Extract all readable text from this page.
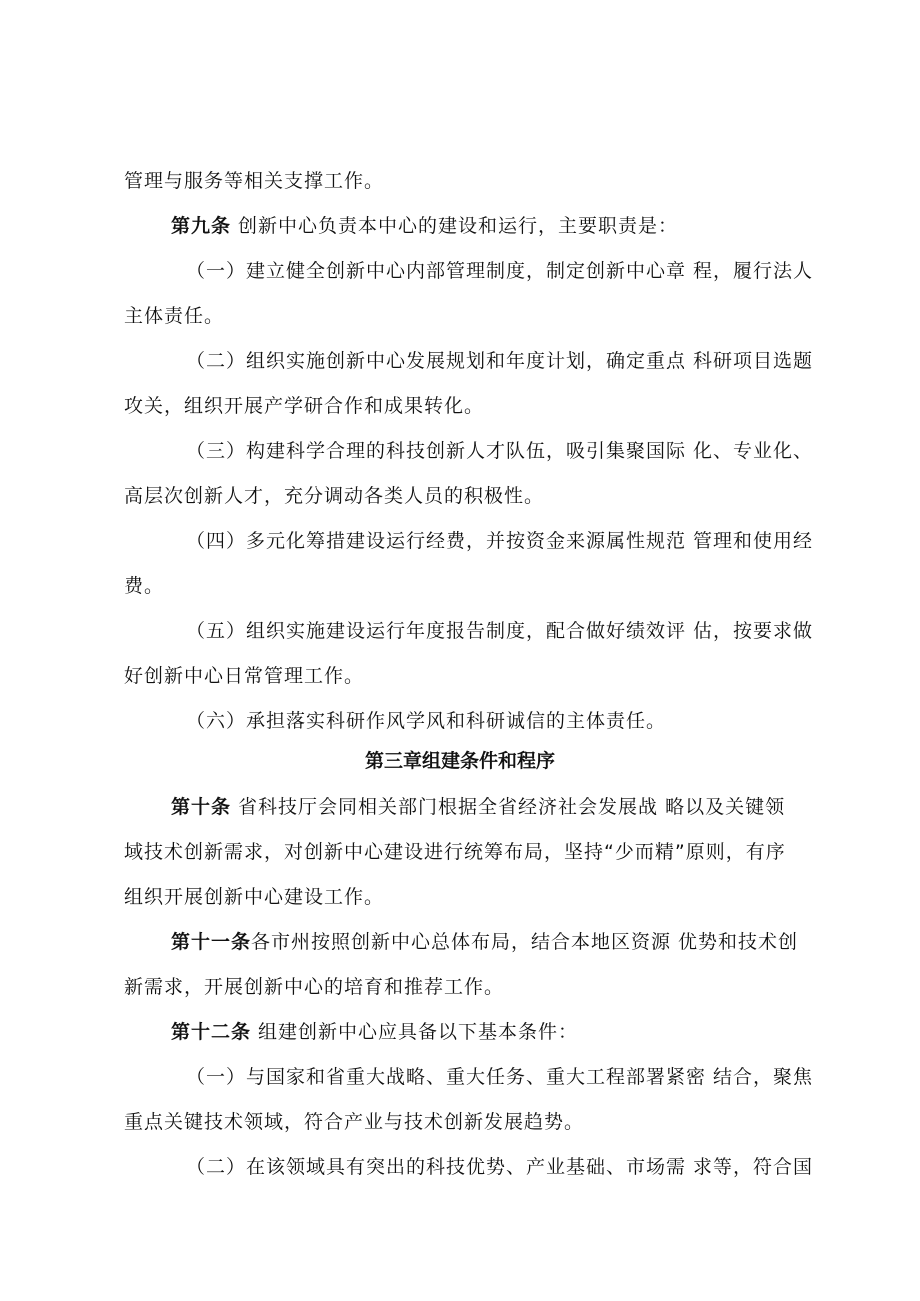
管理与服务等相关支撑工作。
第九条 创新中心负责本中心的建设和运行，主要职责是：
（一）建立健全创新中心内部管理制度，制定创新中心章 程，履行法人
主体责任。
（二）组织实施创新中心发展规划和年度计划，确定重点 科研项目选题
攻关，组织开展产学研合作和成果转化。
（三）构建科学合理的科技创新人才队伍，吸引集聚国际 化、专业化、
高层次创新人才，充分调动各类人员的积极性。
（四）多元化筹措建设运行经费，并按资金来源属性规范 管理和使用经
费。
（五）组织实施建设运行年度报告制度，配合做好绩效评 估，按要求做
好创新中心日常管理工作。
（六）承担落实科研作风学风和科研诚信的主体责任。
第三章组建条件和程序
第十条 省科技厅会同相关部门根据全省经济社会发展战 略以及关键领
域技术创新需求，对创新中心建设进行统筹布局，坚持“少而精”原则，有序
组织开展创新中心建设工作。
第十一条各市州按照创新中心总体布局，结合本地区资源 优势和技术创
新需求，开展创新中心的培育和推荐工作。
第十二条 组建创新中心应具备以下基本条件：
（一）与国家和省重大战略、重大任务、重大工程部署紧密 结合，聚焦
重点关键技术领域，符合产业与技术创新发展趋势。
（二）在该领域具有突出的科技优势、产业基础、市场需 求等，符合国
